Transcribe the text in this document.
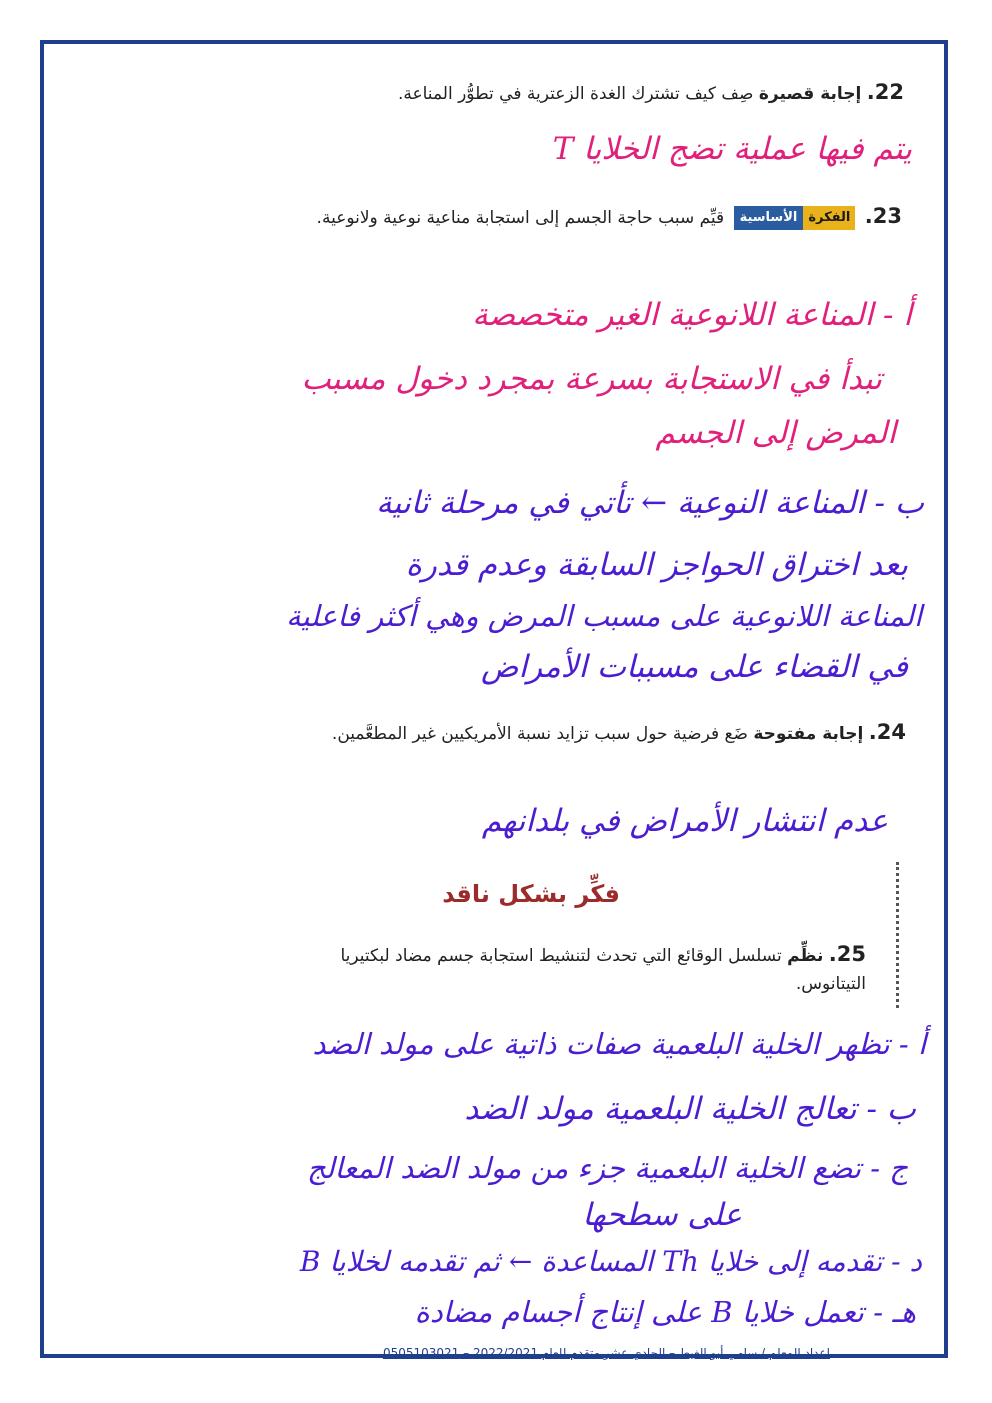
22. إجابة قصيرة صِف كيف تشترك الغدة الزعترية في تطوُّر المناعة.
يتم فيها عملية تضج الخلايا T
23.
الفكرة
الأساسية
قيِّم سبب حاجة الجسم إلى استجابة مناعية نوعية ولانوعية.
أ - المناعة اللانوعية الغير متخصصة
تبدأ في الاستجابة بسرعة بمجرد دخول مسبب
المرض إلى الجسم
ب - المناعة النوعية ← تأتي في مرحلة ثانية
بعد اختراق الحواجز السابقة وعدم قدرة
المناعة اللانوعية على مسبب المرض وهي أكثر فاعلية
في القضاء على مسببات الأمراض
24. إجابة مفتوحة ضَع فرضية حول سبب تزايد نسبة الأمريكيين غير المطعَّمين.
عدم انتشار الأمراض في بلدانهم
فكِّر بشكل ناقد
25. نظِّم تسلسل الوقائع التي تحدث لتنشيط استجابة جسم مضاد لبكتيريا التيتانوس.
أ - تظهر الخلية البلعمية صفات ذاتية على مولد الضد
ب - تعالج الخلية البلعمية مولد الضد
ج - تضع الخلية البلعمية جزء من مولد الضد المعالج
على سطحها
د - تقدمه إلى خلايا Th المساعدة ← ثم تقدمه لخلايا B
هـ - تعمل خلايا B على إنتاج أجسام مضادة
اعداد المعلم / سامي أبو الغيط – الحادي عشر متقدم للعام 2022/2021 – 0505103021
